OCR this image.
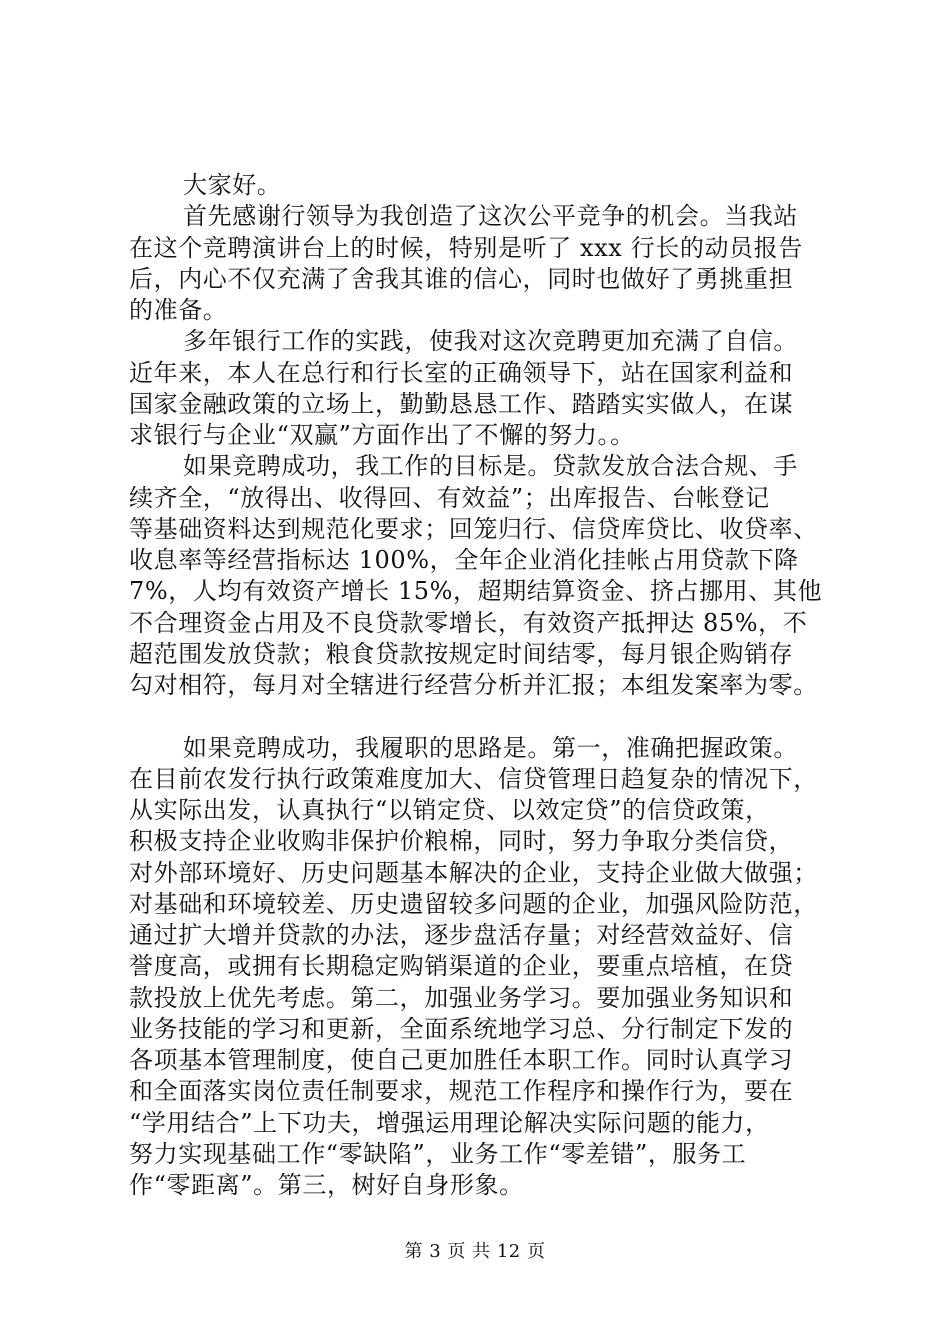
大家好。
首先感谢行领导为我创造了这次公平竞争的机会。当我站
在这个竞聘演讲台上的时候，特别是听了 xxx 行长的动员报告
后，内心不仅充满了舍我其谁的信心，同时也做好了勇挑重担
的准备。
多年银行工作的实践，使我对这次竞聘更加充满了自信。
近年来，本人在总行和行长室的正确领导下，站在国家利益和
国家金融政策的立场上，勤勤恳恳工作、踏踏实实做人，在谋
求银行与企业“双赢”方面作出了不懈的努力。。
如果竞聘成功，我工作的目标是。贷款发放合法合规、手
续齐全，“放得出、收得回、有效益”；出库报告、台帐登记
等基础资料达到规范化要求；回笼归行、信贷库贷比、收贷率、
收息率等经营指标达 100%，全年企业消化挂帐占用贷款下降
7%，人均有效资产增长 15%，超期结算资金、挤占挪用、其他
不合理资金占用及不良贷款零增长，有效资产抵押达 85%，不
超范围发放贷款；粮食贷款按规定时间结零，每月银企购销存
勾对相符，每月对全辖进行经营分析并汇报；本组发案率为零。
如果竞聘成功，我履职的思路是。第一，准确把握政策。
在目前农发行执行政策难度加大、信贷管理日趋复杂的情况下，
从实际出发，认真执行“以销定贷、以效定贷”的信贷政策，
积极支持企业收购非保护价粮棉，同时，努力争取分类信贷，
对外部环境好、历史问题基本解决的企业，支持企业做大做强；
对基础和环境较差、历史遗留较多问题的企业，加强风险防范，
通过扩大增并贷款的办法，逐步盘活存量；对经营效益好、信
誉度高，或拥有长期稳定购销渠道的企业，要重点培植，在贷
款投放上优先考虑。第二，加强业务学习。要加强业务知识和
业务技能的学习和更新，全面系统地学习总、分行制定下发的
各项基本管理制度，使自己更加胜任本职工作。同时认真学习
和全面落实岗位责任制要求，规范工作程序和操作行为，要在
“学用结合”上下功夫，增强运用理论解决实际问题的能力，
努力实现基础工作“零缺陷”，业务工作“零差错”，服务工
作“零距离”。第三，树好自身形象。
第 3 页 共 12 页
